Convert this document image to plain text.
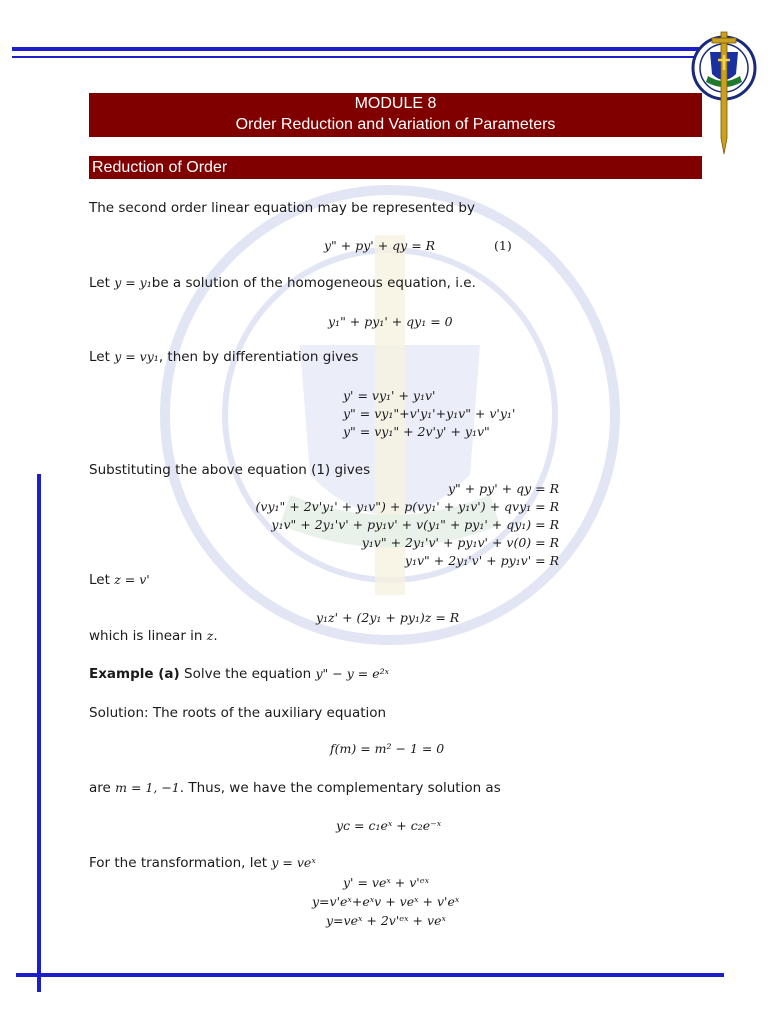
MODULE 8
Order Reduction and Variation of Parameters
Reduction of Order
The second order linear equation may be represented by
y" + py' + qy = R	(1)
Let y = y₁be a solution of the homogeneous equation, i.e.
y₁" + py₁' + qy₁ = 0
Let y = vy₁, then by differentiation gives
y' = vy₁' + y₁v'
y" = vy₁"+v'y₁'+y₁v" + v'y₁'
y" = vy₁" + 2v'y' + y₁v"
Substituting the above equation (1) gives
y" + py' + qy = R
(vy₁" + 2v'y₁' + y₁v") + p(vy₁' + y₁v') + qvy₁ = R
y₁v" + 2y₁'v' + py₁v' + v(y₁" + py₁' + qy₁) = R
y₁v" + 2y₁'v' + py₁v' + v(0) = R
y₁v" + 2y₁'v' + py₁v' = R
Let z = v'
y₁z' + (2y₁ + py₁)z = R
which is linear in z.
Example (a) Solve the equation y" − y = e²ˣ
Solution: The roots of the auxiliary equation
f(m) = m² − 1 = 0
are m = 1, −1. Thus, we have the complementary solution as
yᴄ = c₁eˣ + c₂e⁻ˣ
For the transformation, let y = veˣ
y' = veˣ + v'ᵉˣ
y=v'eˣ+eˣv + veˣ + v'eˣ
y=veˣ + 2v'ᵉˣ + veˣ
